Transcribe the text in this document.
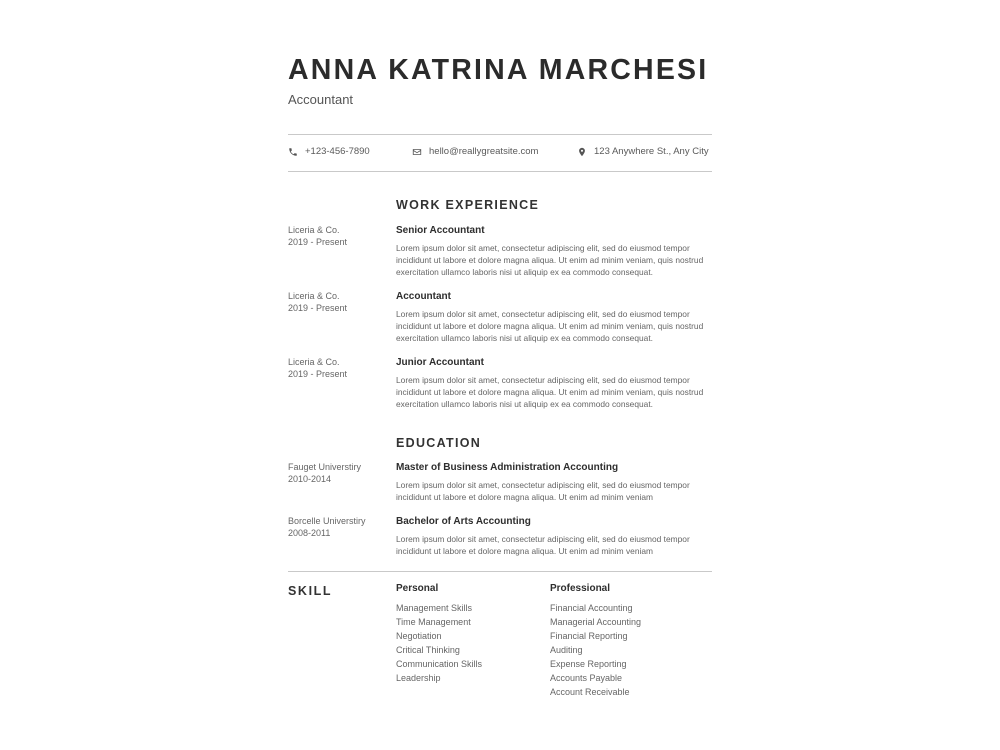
ANNA KATRINA MARCHESI
Accountant
+123-456-7890	hello@reallygreatsite.com	123 Anywhere St., Any City
WORK EXPERIENCE
Liceria & Co.
2019 - Present
Senior Accountant
Lorem ipsum dolor sit amet, consectetur adipiscing elit, sed do eiusmod tempor incididunt ut labore et dolore magna aliqua. Ut enim ad minim veniam, quis nostrud exercitation ullamco laboris nisi ut aliquip ex ea commodo consequat.
Liceria & Co.
2019 - Present
Accountant
Lorem ipsum dolor sit amet, consectetur adipiscing elit, sed do eiusmod tempor incididunt ut labore et dolore magna aliqua. Ut enim ad minim veniam, quis nostrud exercitation ullamco laboris nisi ut aliquip ex ea commodo consequat.
Liceria & Co.
2019 - Present
Junior Accountant
Lorem ipsum dolor sit amet, consectetur adipiscing elit, sed do eiusmod tempor incididunt ut labore et dolore magna aliqua. Ut enim ad minim veniam, quis nostrud exercitation ullamco laboris nisi ut aliquip ex ea commodo consequat.
EDUCATION
Fauget Universtiry
2010-2014
Master of Business Administration Accounting
Lorem ipsum dolor sit amet, consectetur adipiscing elit, sed do eiusmod tempor incididunt ut labore et dolore magna aliqua. Ut enim ad minim veniam
Borcelle Universtiry
2008-2011
Bachelor of Arts Accounting
Lorem ipsum dolor sit amet, consectetur adipiscing elit, sed do eiusmod tempor incididunt ut labore et dolore magna aliqua. Ut enim ad minim veniam
SKILL	Personal
Management Skills
Time Management
Negotiation
Critical Thinking
Communication Skills
Leadership
Professional
Financial Accounting
Managerial Accounting
Financial Reporting
Auditing
Expense Reporting
Accounts Payable
Account Receivable
